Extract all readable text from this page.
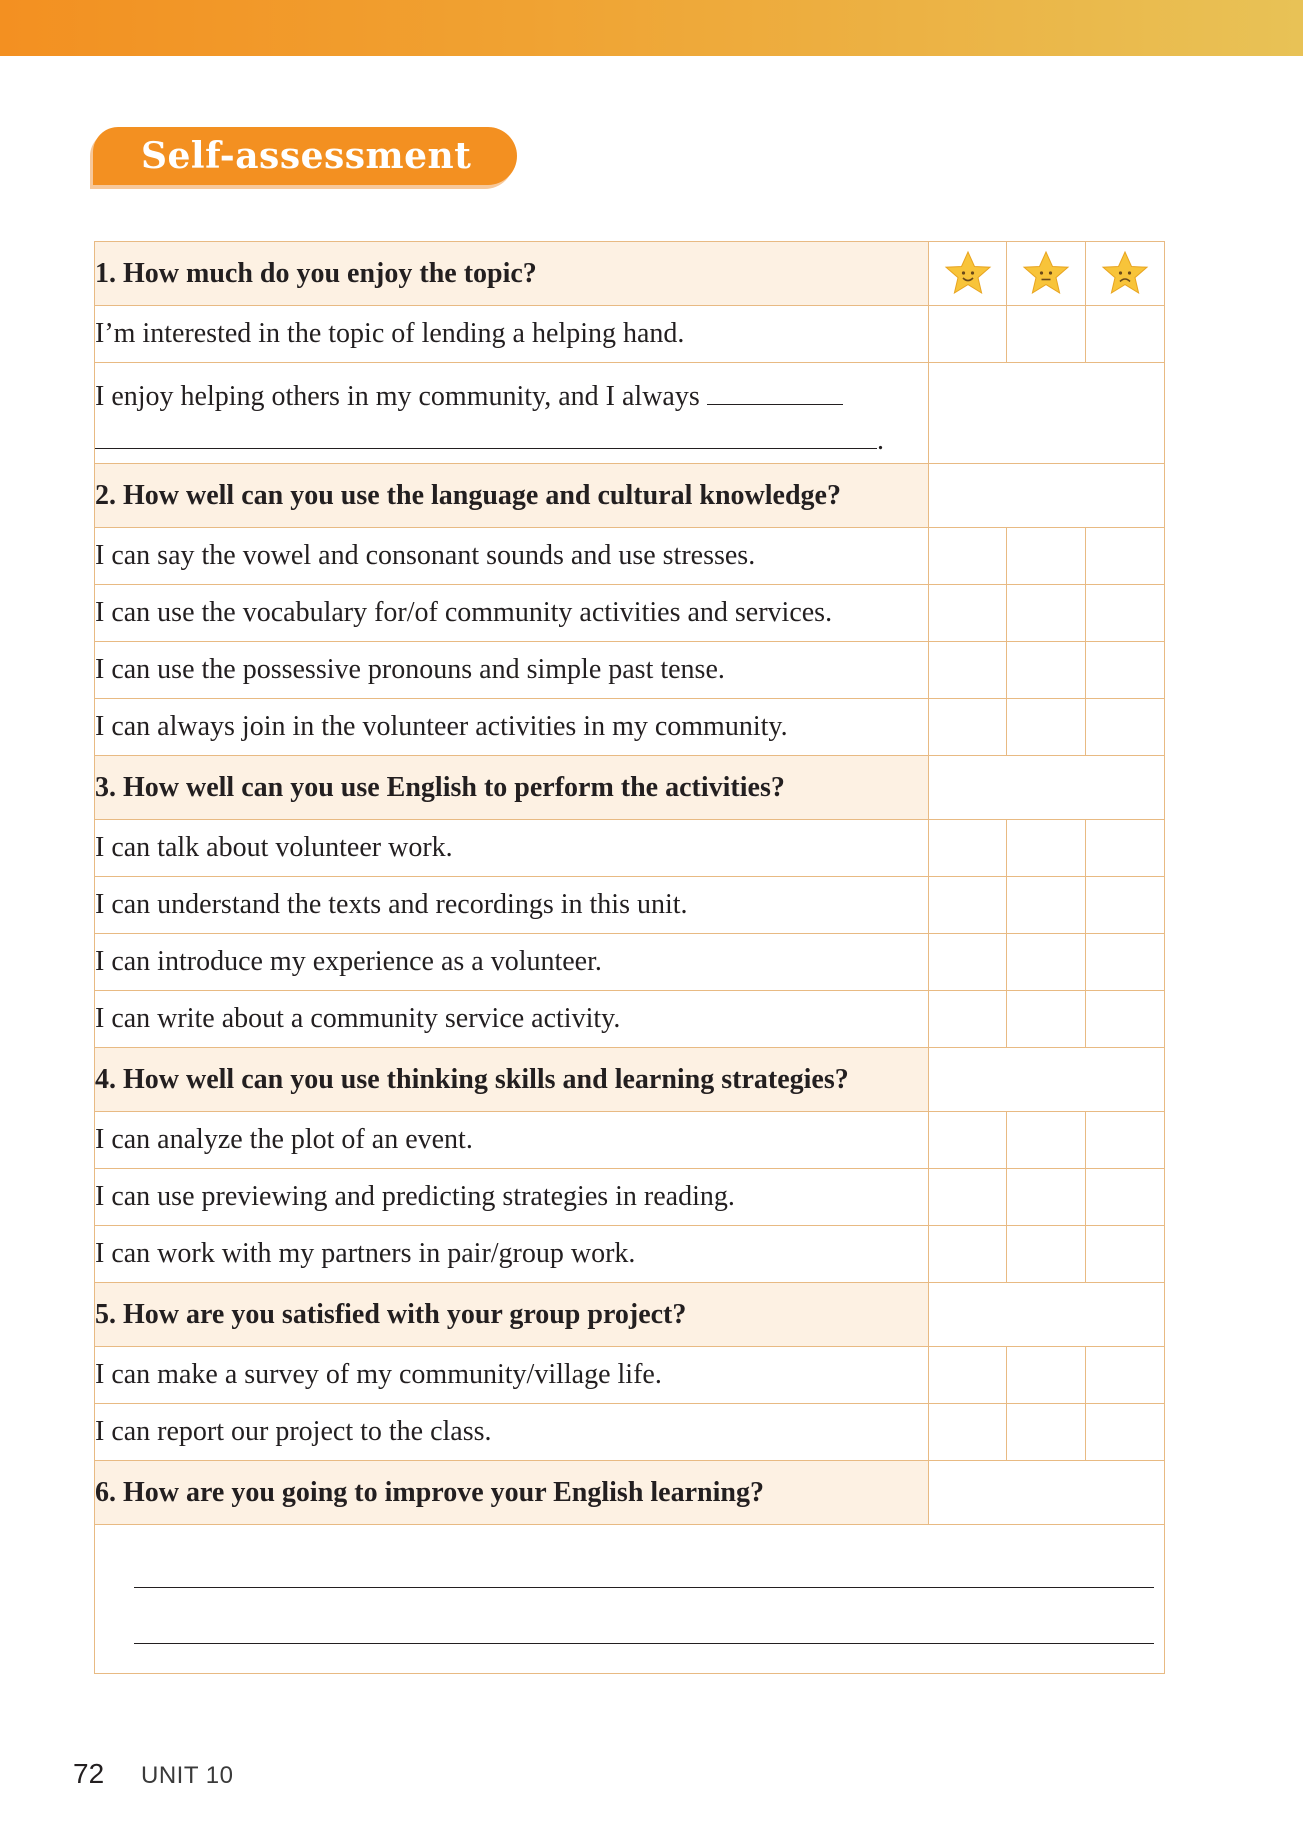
Self-assessment
1. How much do you enjoy the topic?	

I’m interested in the topic of lending a helping hand.			
I enjoy helping others in my community, and I always
.			
2. How well can you use the language and cultural knowledge?			
I can say the vowel and consonant sounds and use stresses.			
I can use the vocabulary for/of community activities and services.			
I can use the possessive pronouns and simple past tense.			
I can always join in the volunteer activities in my community.			
3. How well can you use English to perform the activities?			
I can talk about volunteer work.			
I can understand the texts and recordings in this unit.			
I can introduce my experience as a volunteer.			
I can write about a community service activity.			
4. How well can you use thinking skills and learning strategies?			
I can analyze the plot of an event.			
I can use previewing and predicting strategies in reading.			
I can work with my partners in pair/group work.			
5. How are you satisfied with your group project?			
I can make a survey of my community/village life.			
I can report our project to the class.			
6. How are you going to improve your English learning?			

72 UNIT 10
